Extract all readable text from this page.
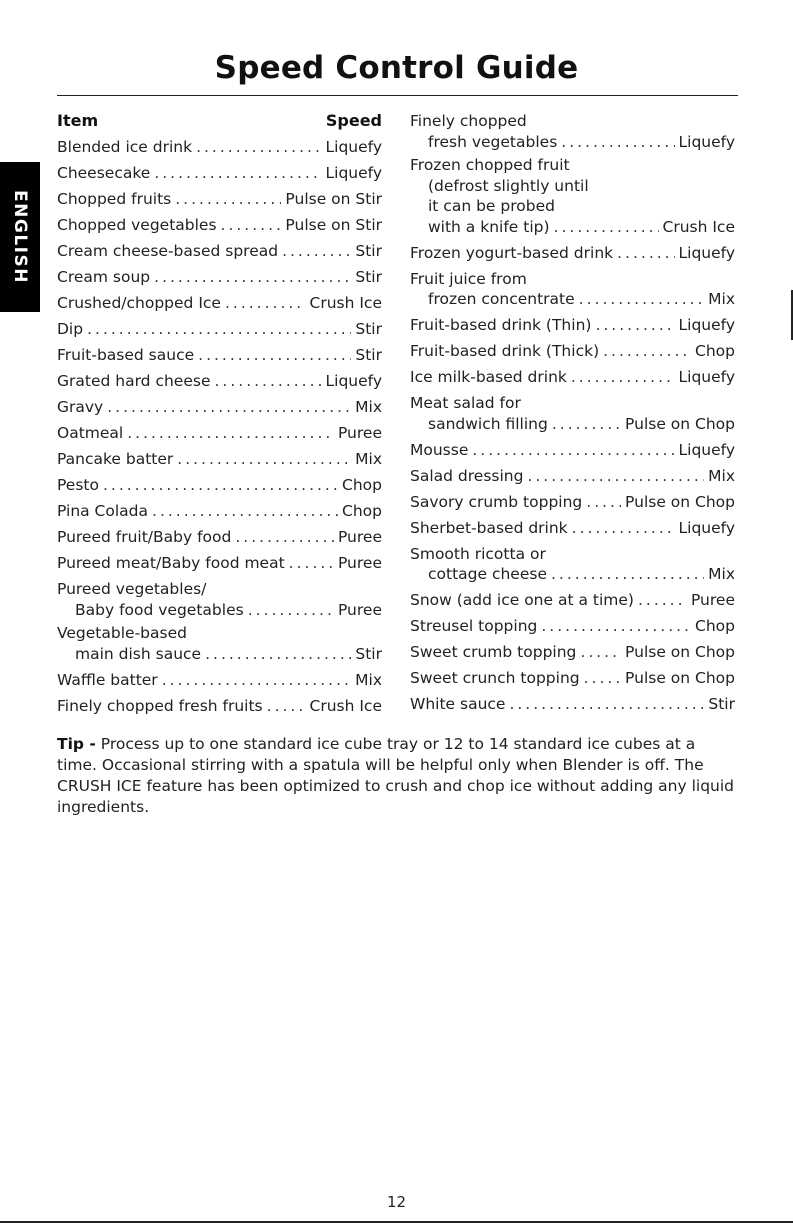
Speed Control Guide
ENGLISH
Item	Speed
Blended ice drink .....	Liquefy
Cheesecake .....	Liquefy
Chopped fruits .....	Pulse on Stir
Chopped vegetables .....	Pulse on Stir
Cream cheese-based spread .....	Stir
Cream soup .....	Stir
Crushed/chopped Ice .....	Crush Ice
Dip .....	Stir
Fruit-based sauce .....	Stir
Grated hard cheese .....	Liquefy
Gravy .....	Mix
Oatmeal .....	Puree
Pancake batter .....	Mix
Pesto .....	Chop
Pina Colada .....	Chop
Pureed fruit/Baby food .....	Puree
Pureed meat/Baby food meat .....	Puree
Pureed vegetables/
Baby food vegetables .....	Puree
Vegetable-based
main dish sauce .....	Stir
Waffle batter .....	Mix
Finely chopped fresh fruits .....	Crush Ice
Finely chopped
fresh vegetables .....	Liquefy
Frozen chopped fruit
(defrost slightly until
it can be probed
with a knife tip) .....	Crush Ice
Frozen yogurt-based drink .....	Liquefy
Fruit juice from
frozen concentrate .....	Mix
Fruit-based drink (Thin) .....	Liquefy
Fruit-based drink (Thick) .....	Chop
Ice milk-based drink .....	Liquefy
Meat salad for
sandwich filling .....	Pulse on Chop
Mousse .....	Liquefy
Salad dressing .....	Mix
Savory crumb topping .....	Pulse on Chop
Sherbet-based drink .....	Liquefy
Smooth ricotta or
cottage cheese .....	Mix
Snow (add ice one at a time) .....	Puree
Streusel topping .....	Chop
Sweet crumb topping .....	Pulse on Chop
Sweet crunch topping .....	Pulse on Chop
White sauce .....	Stir
Tip - Process up to one standard ice cube tray or 12 to 14 standard ice cubes at a time. Occasional stirring with a spatula will be helpful only when Blender is off. The CRUSH ICE feature has been optimized to crush and chop ice without adding any liquid ingredients.
12
